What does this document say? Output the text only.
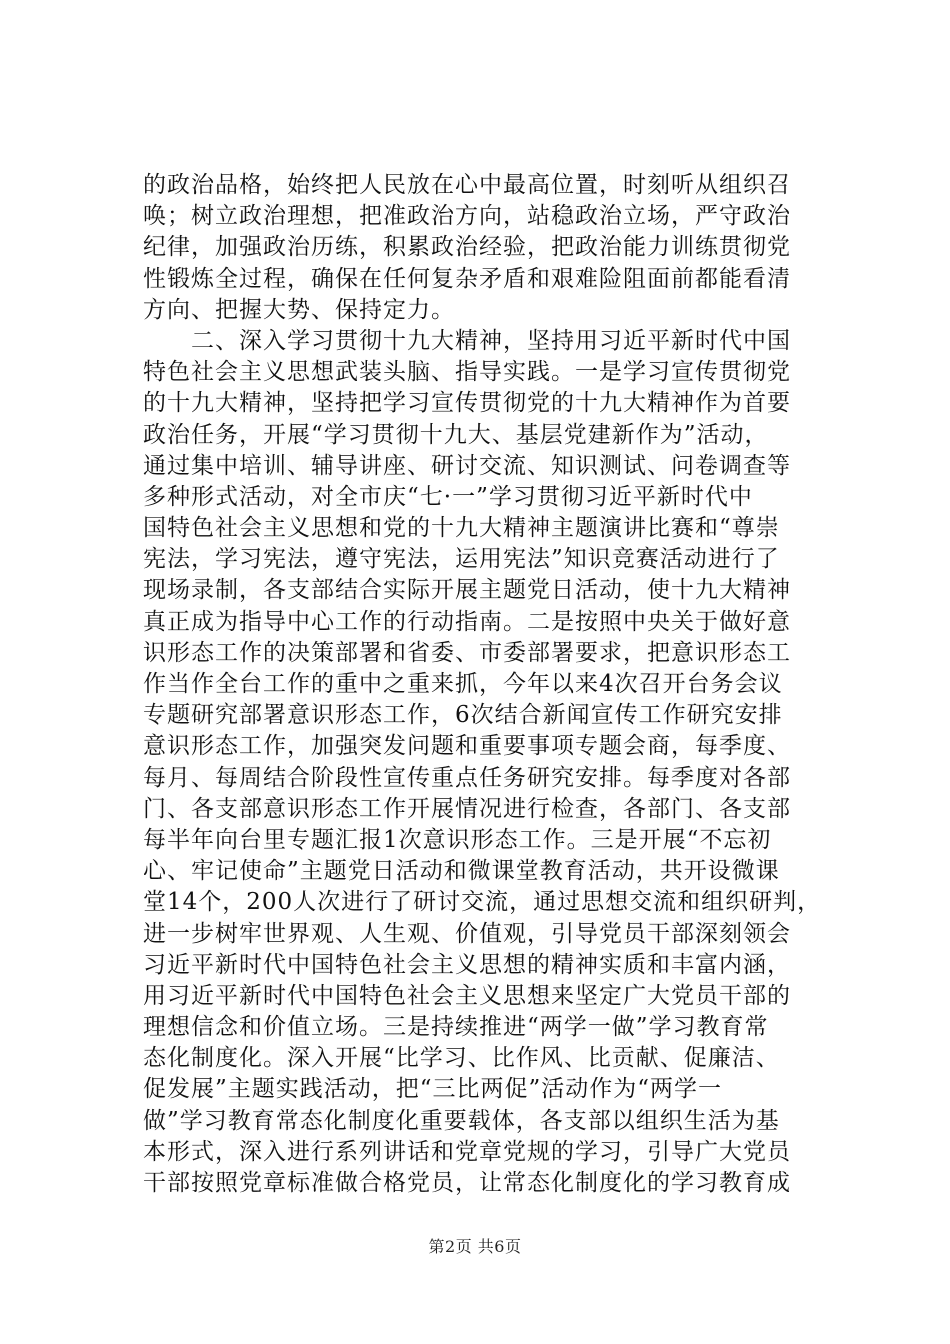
的政治品格，始终把人民放在心中最高位置，时刻听从组织召
唤；树立政治理想，把准政治方向，站稳政治立场，严守政治
纪律，加强政治历练，积累政治经验，把政治能力训练贯彻党
性锻炼全过程，确保在任何复杂矛盾和艰难险阻面前都能看清
方向、把握大势、保持定力。
　　二、深入学习贯彻十九大精神，坚持用习近平新时代中国
特色社会主义思想武装头脑、指导实践。一是学习宣传贯彻党
的十九大精神，坚持把学习宣传贯彻党的十九大精神作为首要
政治任务，开展“学习贯彻十九大、基层党建新作为”活动，
通过集中培训、辅导讲座、研讨交流、知识测试、问卷调查等
多种形式活动，对全市庆“七·一”学习贯彻习近平新时代中
国特色社会主义思想和党的十九大精神主题演讲比赛和“尊崇
宪法，学习宪法，遵守宪法，运用宪法”知识竞赛活动进行了
现场录制，各支部结合实际开展主题党日活动，使十九大精神
真正成为指导中心工作的行动指南。二是按照中央关于做好意
识形态工作的决策部署和省委、市委部署要求，把意识形态工
作当作全台工作的重中之重来抓，今年以来4次召开台务会议
专题研究部署意识形态工作，6次结合新闻宣传工作研究安排
意识形态工作，加强突发问题和重要事项专题会商，每季度、
每月、每周结合阶段性宣传重点任务研究安排。每季度对各部
门、各支部意识形态工作开展情况进行检查，各部门、各支部
每半年向台里专题汇报1次意识形态工作。三是开展“不忘初
心、牢记使命”主题党日活动和微课堂教育活动，共开设微课
堂14个，200人次进行了研讨交流，通过思想交流和组织研判，
进一步树牢世界观、人生观、价值观，引导党员干部深刻领会
习近平新时代中国特色社会主义思想的精神实质和丰富内涵，
用习近平新时代中国特色社会主义思想来坚定广大党员干部的
理想信念和价值立场。三是持续推进“两学一做”学习教育常
态化制度化。深入开展“比学习、比作风、比贡献、促廉洁、
促发展”主题实践活动，把“三比两促”活动作为“两学一
做”学习教育常态化制度化重要载体，各支部以组织生活为基
本形式，深入进行系列讲话和党章党规的学习，引导广大党员
干部按照党章标准做合格党员，让常态化制度化的学习教育成
第2页 共6页
